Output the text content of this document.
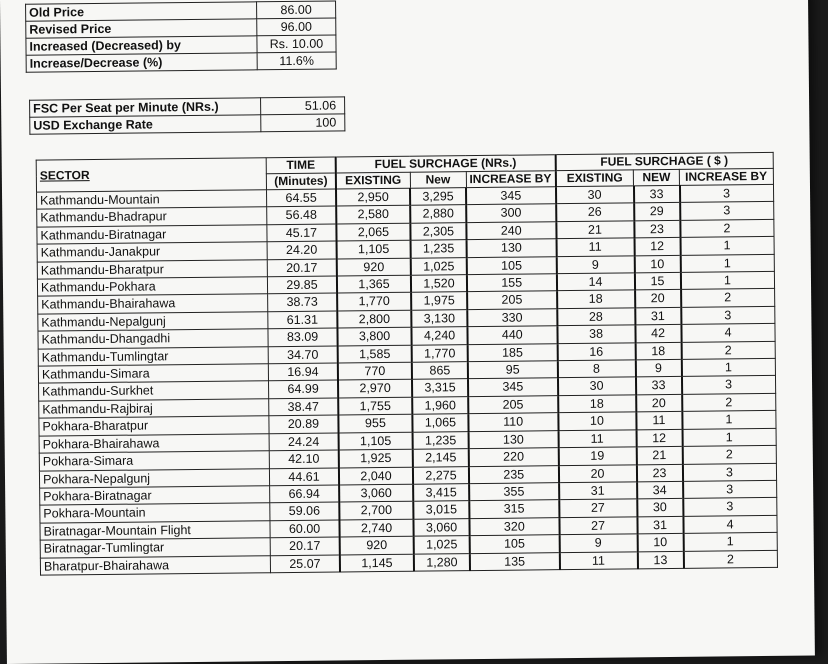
Old Price	86.00
Revised Price	96.00
Increased (Decreased) by	Rs. 10.00
Increase/Decrease (%)	11.6%
FSC Per Seat per Minute (NRs.)	51.06
USD Exchange Rate	100
SECTOR	TIME	FUEL SURCHAGE (NRs.)			FUEL SURCHAGE ( $ )		
	(Minutes)	EXISTING	New	INCREASE BY	EXISTING	NEW	INCREASE BY
Kathmandu-Mountain	64.55	2,950	3,295	345	30	33	3
Kathmandu-Bhadrapur	56.48	2,580	2,880	300	26	29	3
Kathmandu-Biratnagar	45.17	2,065	2,305	240	21	23	2
Kathmandu-Janakpur	24.20	1,105	1,235	130	11	12	1
Kathmandu-Bharatpur	20.17	920	1,025	105	9	10	1
Kathmandu-Pokhara	29.85	1,365	1,520	155	14	15	1
Kathmandu-Bhairahawa	38.73	1,770	1,975	205	18	20	2
Kathmandu-Nepalgunj	61.31	2,800	3,130	330	28	31	3
Kathmandu-Dhangadhi	83.09	3,800	4,240	440	38	42	4
Kathmandu-Tumlingtar	34.70	1,585	1,770	185	16	18	2
Kathmandu-Simara	16.94	770	865	95	8	9	1
Kathmandu-Surkhet	64.99	2,970	3,315	345	30	33	3
Kathmandu-Rajbiraj	38.47	1,755	1,960	205	18	20	2
Pokhara-Bharatpur	20.89	955	1,065	110	10	11	1
Pokhara-Bhairahawa	24.24	1,105	1,235	130	11	12	1
Pokhara-Simara	42.10	1,925	2,145	220	19	21	2
Pokhara-Nepalgunj	44.61	2,040	2,275	235	20	23	3
Pokhara-Biratnagar	66.94	3,060	3,415	355	31	34	3
Pokhara-Mountain	59.06	2,700	3,015	315	27	30	3
Biratnagar-Mountain Flight	60.00	2,740	3,060	320	27	31	4
Biratnagar-Tumlingtar	20.17	920	1,025	105	9	10	1
Bharatpur-Bhairahawa	25.07	1,145	1,280	135	11	13	2
